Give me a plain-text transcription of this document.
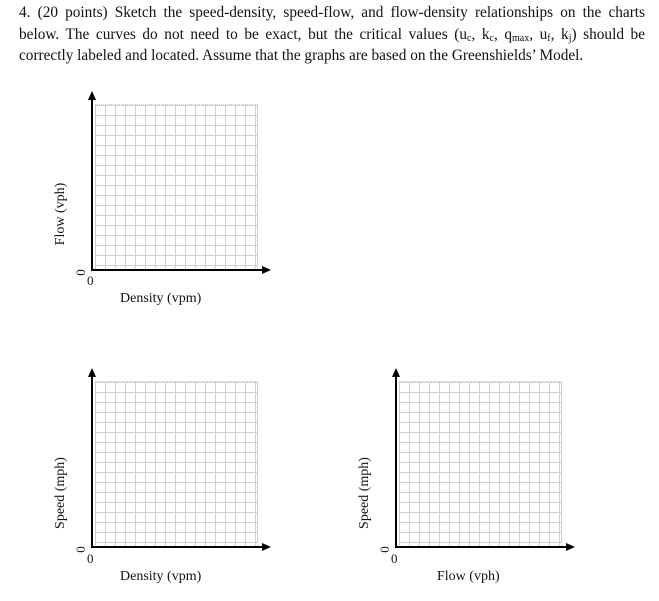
4. (20 points) Sketch the speed-density, speed-flow, and flow-density relationships on the charts below. The curves do not need to be exact, but the critical values ($u_c$, $k_c$, $q_{max}$, $u_f$, $k_j$) should be correctly labeled and located. Assume that the graphs are based on the Greenshields’ Model.
0
0
Flow (vph)
Density (vpm)
0
0
Speed (mph)
Density (vpm)
0
0
Speed (mph)
Flow (vph)
